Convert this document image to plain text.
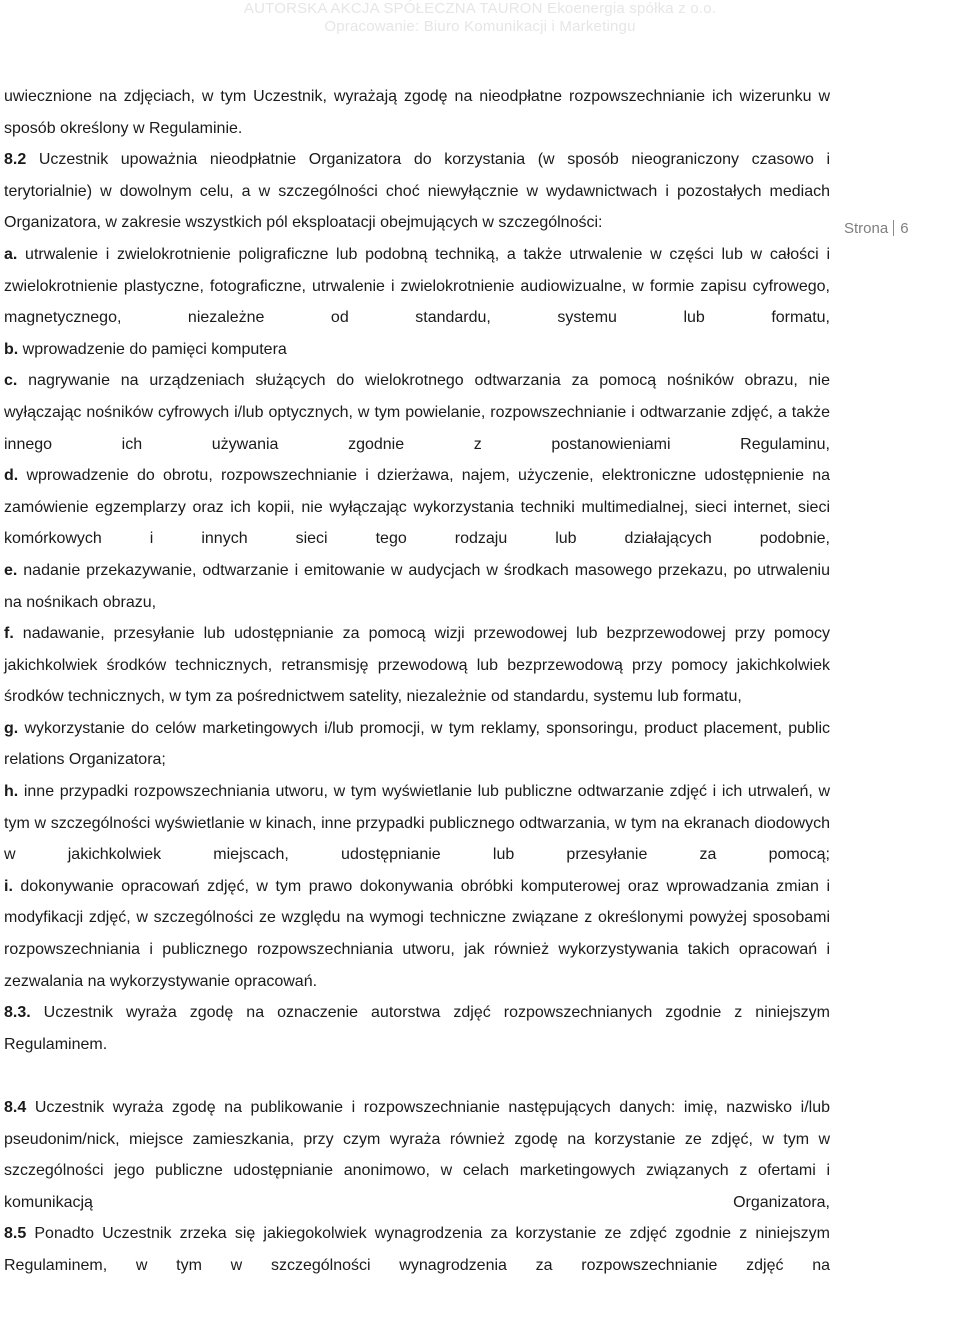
AUTORSKA AKCJA SPÓŁECZNA TAURON Ekoenergia spółka z o.o.
Opracowanie: Biuro Komunikacji i Marketingu
Strona 6

uwiecznione na zdjęciach, w tym Uczestnik, wyrażają zgodę na nieodpłatne rozpowszechnianie ich wizerunku w sposób określony w Regulaminie.

8.2 Uczestnik upoważnia nieodpłatnie Organizatora do korzystania (w sposób nieograniczony czasowo i terytorialnie) w dowolnym celu, a w szczególności choć niewyłącznie w wydawnictwach i pozostałych mediach Organizatora, w zakresie wszystkich pól eksploatacji obejmujących w szczególności:

a. utrwalenie i zwielokrotnienie poligraficzne lub podobną techniką, a także utrwalenie w części lub w całości i zwielokrotnienie plastyczne, fotograficzne, utrwalenie i zwielokrotnienie audiowizualne, w formie zapisu cyfrowego, magnetycznego, niezależne od standardu, systemu lub formatu,

b. wprowadzenie do pamięci komputera

c. nagrywanie na urządzeniach służących do wielokrotnego odtwarzania za pomocą nośników obrazu, nie wyłączając nośników cyfrowych i/lub optycznych, w tym powielanie, rozpowszechnianie i odtwarzanie zdjęć, a także innego ich używania zgodnie z postanowieniami Regulaminu,

d. wprowadzenie do obrotu, rozpowszechnianie i dzierżawa, najem, użyczenie, elektroniczne udostępnienie na zamówienie egzemplarzy oraz ich kopii, nie wyłączając wykorzystania techniki multimedialnej, sieci internet, sieci komórkowych i innych sieci tego rodzaju lub działających podobnie,

e. nadanie przekazywanie, odtwarzanie i emitowanie w audycjach w środkach masowego przekazu, po utrwaleniu na nośnikach obrazu,

f. nadawanie, przesyłanie lub udostępnianie za pomocą wizji przewodowej lub bezprzewodowej przy pomocy jakichkolwiek środków technicznych, retransmisję przewodową lub bezprzewodową przy pomocy jakichkolwiek środków technicznych, w tym za pośrednictwem satelity, niezależnie od standardu, systemu lub formatu,

g. wykorzystanie do celów marketingowych i/lub promocji, w tym reklamy, sponsoringu, product placement, public relations Organizatora;

h. inne przypadki rozpowszechniania utworu, w tym wyświetlanie lub publiczne odtwarzanie zdjęć i ich utrwaleń, w tym w szczególności wyświetlanie w kinach, inne przypadki publicznego odtwarzania, w tym na ekranach diodowych w jakichkolwiek miejscach, udostępnianie lub przesyłanie za pomocą;

i. dokonywanie opracowań zdjęć, w tym prawo dokonywania obróbki komputerowej oraz wprowadzania zmian i modyfikacji zdjęć, w szczególności ze względu na wymogi techniczne związane z określonymi powyżej sposobami rozpowszechniania i publicznego rozpowszechniania utworu, jak również wykorzystywania takich opracowań i zezwalania na wykorzystywanie opracowań.

8.3. Uczestnik wyraża zgodę na oznaczenie autorstwa zdjęć rozpowszechnianych zgodnie z niniejszym Regulaminem.

8.4 Uczestnik wyraża zgodę na publikowanie i rozpowszechnianie następujących danych: imię, nazwisko i/lub pseudonim/nick, miejsce zamieszkania, przy czym wyraża również zgodę na korzystanie ze zdjęć, w tym w szczególności jego publiczne udostępnianie anonimowo, w celach marketingowych związanych z ofertami i komunikacją Organizatora,

8.5 Ponadto Uczestnik zrzeka się jakiegokolwiek wynagrodzenia za korzystanie ze zdjęć zgodnie z niniejszym Regulaminem, w tym w szczególności wynagrodzenia za rozpowszechnianie zdjęć na
